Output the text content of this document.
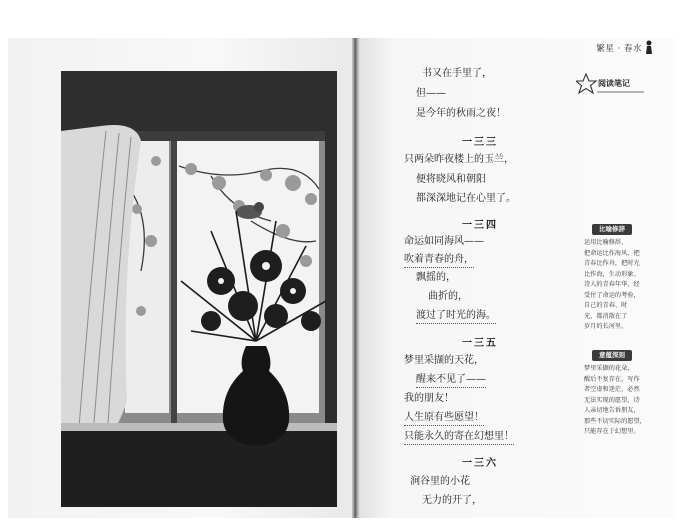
繁星 · 春水
阅读笔记
书又在手里了，
但——
是今年的秋雨之夜！
一三三
只两朵昨夜楼上的玉兰，
便将晓风和朝阳
都深深地记在心里了。
一三四
命运如同海风——
吹着青春的舟，
飘摇的，
曲折的，
渡过了时光的海。
一三五
梦里采撷的天花，
醒来不见了——
我的朋友！
人生原有些愿望！
只能永久的寄在幻想里！
一三六
涧谷里的小花
无力的开了，
比喻修辞
运用比喻修辞，
把命运比作海风，把
青春比作舟，把时光
比作海，生动形象。
诗人的青春年华，经
受住了命运的考验，
自己的青春、时
光，都消散在了
岁月的长河里。
意蕴深刻
梦里采撷的花朵，
醒后不复存在，写作
者空虚和迷茫，必然
无法实现的愿望，诗
人亲切地告诉朋友，
那些不切实际的愿望，
只能存在于幻想里。
